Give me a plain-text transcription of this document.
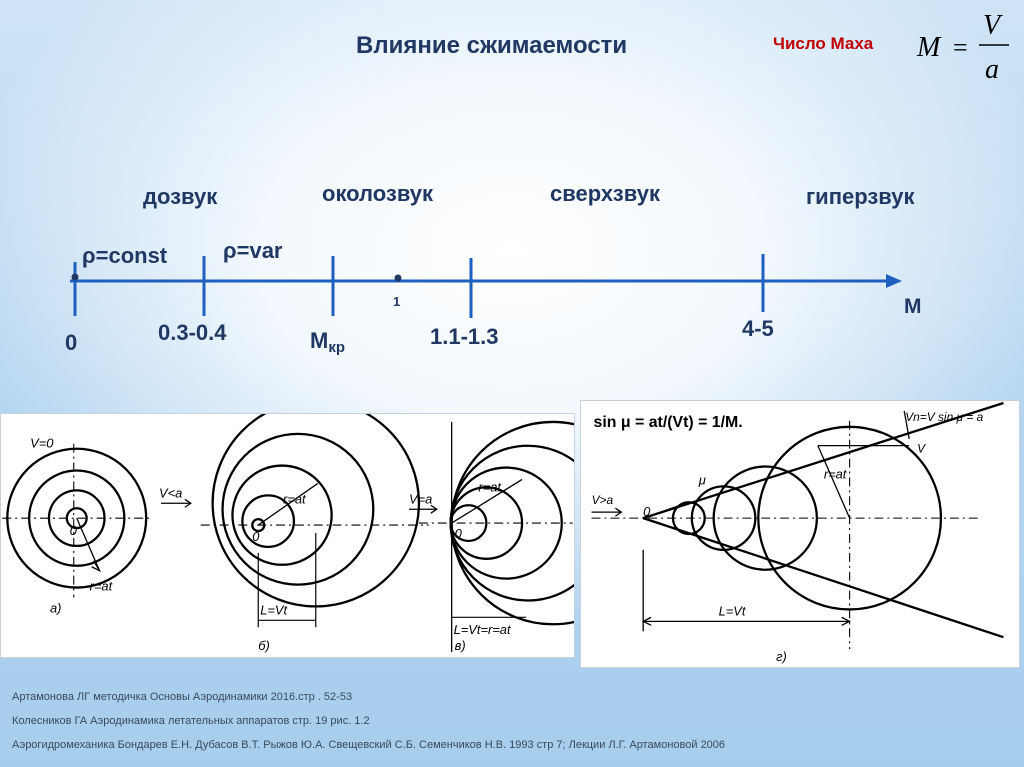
Влияние сжимаемости	Число Маха M =
V
a
дозвук	околозвук	сверхзвук	гиперзвук
ρ=const	ρ=var
M
0	0.3-0.4	$M_{кр}$
1
1.1-1.3	4-5
V=0
V<a	V=a
r=at
r=at
r=at
0	0	0
L=Vt
L=Vt=r=at
a)
б)	в)
sin μ = at/(Vt) = 1/M.	Vn=V sin μ = a
V
V>a
0
μ	r=at
L=Vt
г)
Артамонова ЛГ методичка Основы Аэродинамики 2016.стр . 52-53
Колесников ГА Аэродинамика летательных аппаратов стр. 19 рис. 1.2
Аэрогидромеханика Бондарев Е.Н. Дубасов В.Т. Рыжов Ю.А. Свещевский С.Б. Семенчиков Н.В. 1993 стр 7; Лекции Л.Г. Артамоновой 2006
